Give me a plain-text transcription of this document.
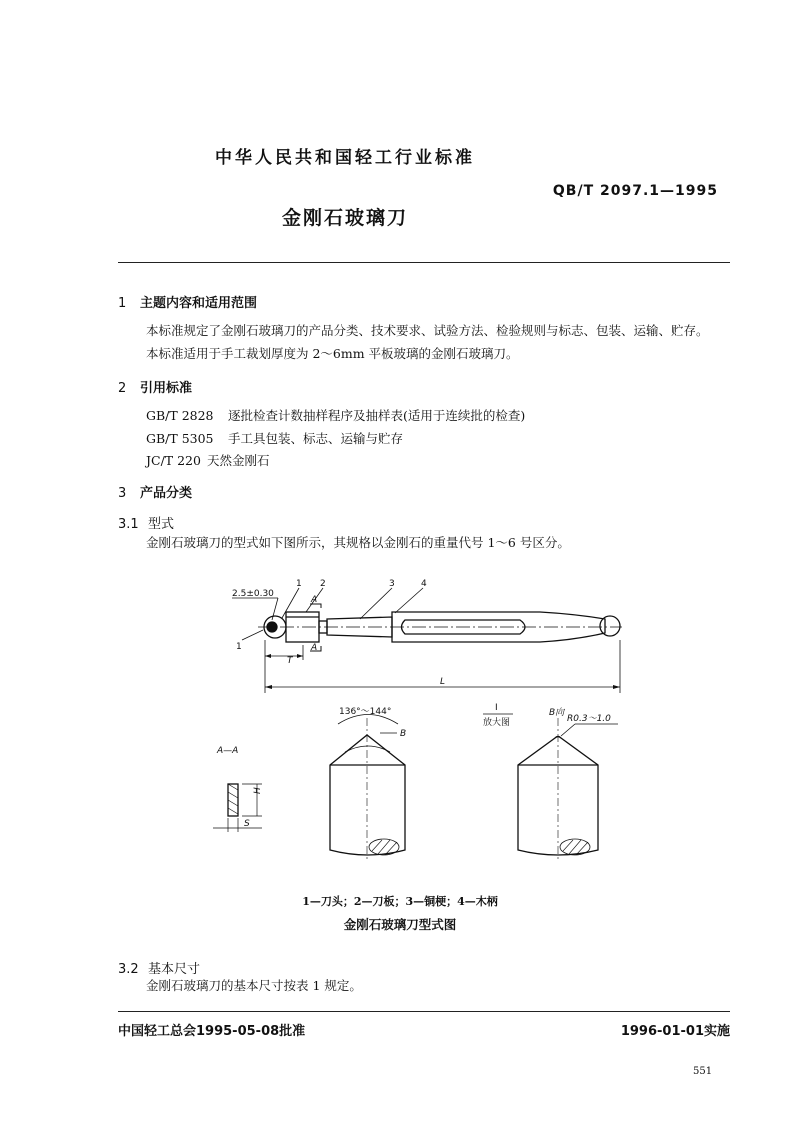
中华人民共和国轻工行业标准
QB/T 2097.1—1995
金刚石玻璃刀
1 主题内容和适用范围
本标准规定了金刚石玻璃刀的产品分类、技术要求、试验方法、检验规则与标志、包装、运输、贮存。
本标准适用于手工裁划厚度为 2～6mm 平板玻璃的金刚石玻璃刀。
2 引用标准
GB/T 2828 逐批检查计数抽样程序及抽样表(适用于连续批的检查)
GB/T 5305 手工具包装、标志、运输与贮存
JC/T 220 天然金刚石
3 产品分类
3.1 型式
金刚石玻璃刀的型式如下图所示，其规格以金刚石的重量代号 1～6 号区分。
1 2	3	4
1
2.5±0.30
A
A
T
L
136°～144°
B
I
放大图
B向
R0.3～1.0
A—A
H
S
1—刀头；2—刀板；3—铜梗；4—木柄
金刚石玻璃刀型式图
3.2 基本尺寸
金刚石玻璃刀的基本尺寸按表 1 规定。
中国轻工总会1995-05-08批准	1996-01-01实施
551
